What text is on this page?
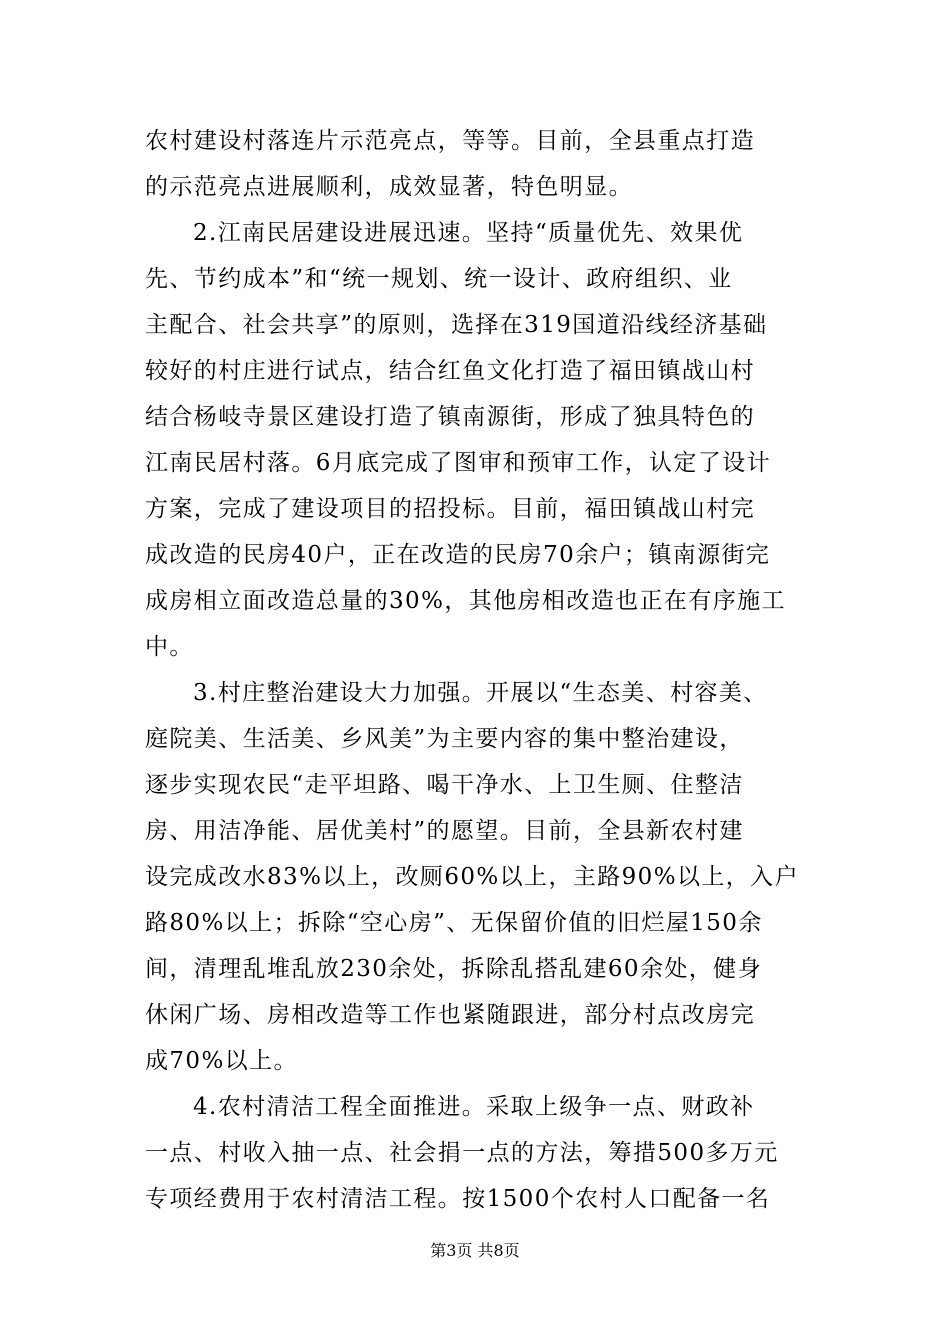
农村建设村落连片示范亮点，等等。目前，全县重点打造
的示范亮点进展顺利，成效显著，特色明显。
2.江南民居建设进展迅速。坚持“质量优先、效果优
先、节约成本”和“统一规划、统一设计、政府组织、业
主配合、社会共享”的原则，选择在319国道沿线经济基础
较好的村庄进行试点，结合红鱼文化打造了福田镇战山村
结合杨岐寺景区建设打造了镇南源街，形成了独具特色的
江南民居村落。6月底完成了图审和预审工作，认定了设计
方案，完成了建设项目的招投标。目前，福田镇战山村完
成改造的民房40户，正在改造的民房70余户；镇南源街完
成房相立面改造总量的30%，其他房相改造也正在有序施工
中。
3.村庄整治建设大力加强。开展以“生态美、村容美、
庭院美、生活美、乡风美”为主要内容的集中整治建设，
逐步实现农民“走平坦路、喝干净水、上卫生厕、住整洁
房、用洁净能、居优美村”的愿望。目前，全县新农村建
设完成改水83%以上，改厕60%以上，主路90%以上，入户
路80%以上；拆除“空心房”、无保留价值的旧烂屋150余
间，清理乱堆乱放230余处，拆除乱搭乱建60余处，健身
休闲广场、房相改造等工作也紧随跟进，部分村点改房完
成70%以上。
4.农村清洁工程全面推进。采取上级争一点、财政补
一点、村收入抽一点、社会捐一点的方法，筹措500多万元
专项经费用于农村清洁工程。按1500个农村人口配备一名
第3页 共8页
